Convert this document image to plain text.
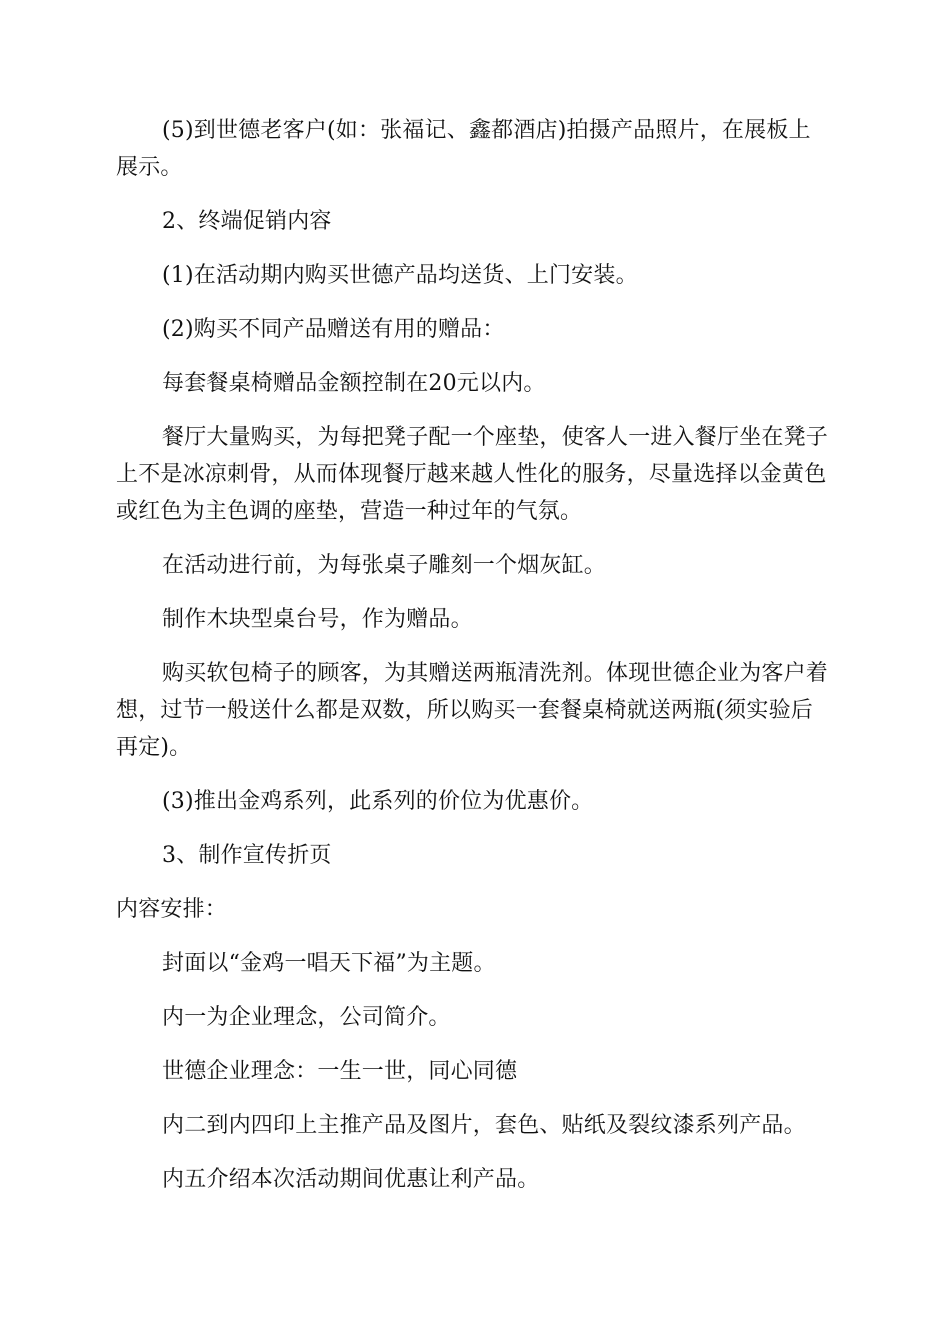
(5)到世德老客户(如：张福记、鑫都酒店)拍摄产品照片，在展板上展示。

2、终端促销内容

(1)在活动期内购买世德产品均送货、上门安装。

(2)购买不同产品赠送有用的赠品：

每套餐桌椅赠品金额控制在20元以内。

餐厅大量购买，为每把凳子配一个座垫，使客人一进入餐厅坐在凳子上不是冰凉刺骨，从而体现餐厅越来越人性化的服务，尽量选择以金黄色或红色为主色调的座垫，营造一种过年的气氛。

在活动进行前，为每张桌子雕刻一个烟灰缸。

制作木块型桌台号，作为赠品。

购买软包椅子的顾客，为其赠送两瓶清洗剂。体现世德企业为客户着想，过节一般送什么都是双数，所以购买一套餐桌椅就送两瓶(须实验后再定)。

(3)推出金鸡系列，此系列的价位为优惠价。

3、制作宣传折页

内容安排：

封面以“金鸡一唱天下福”为主题。

内一为企业理念，公司简介。

世德企业理念：一生一世，同心同德

内二到内四印上主推产品及图片，套色、贴纸及裂纹漆系列产品。

内五介绍本次活动期间优惠让利产品。
